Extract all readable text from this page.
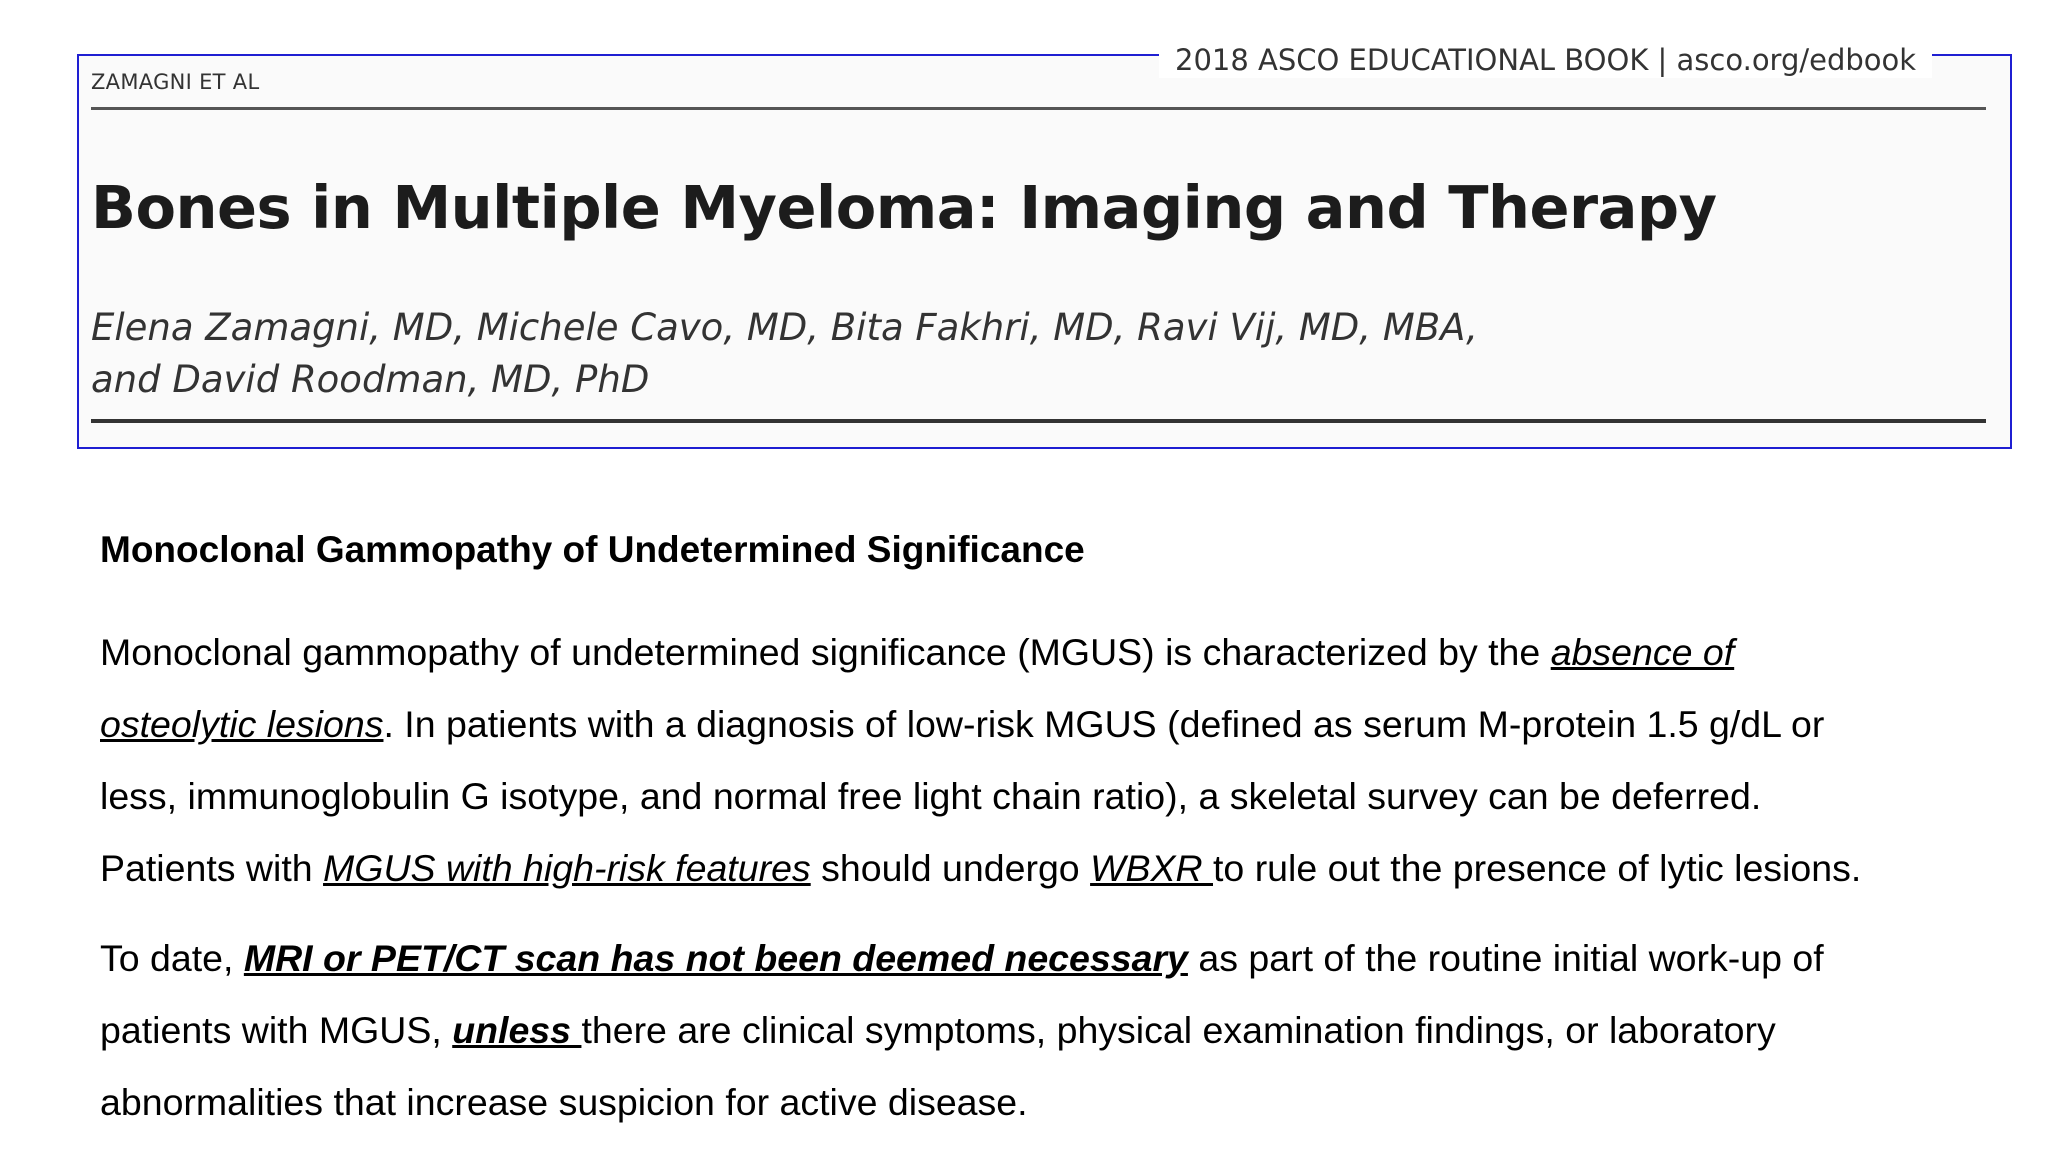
2018 ASCO EDUCATIONAL BOOK | asco.org/edbook
ZAMAGNI ET AL
Bones in Multiple Myeloma: Imaging and Therapy
Elena Zamagni, MD, Michele Cavo, MD, Bita Fakhri, MD, Ravi Vij, MD, MBA,
and David Roodman, MD, PhD
Monoclonal Gammopathy of Undetermined Significance

Monoclonal gammopathy of undetermined significance (MGUS) is characterized by the absence of
osteolytic lesions. In patients with a diagnosis of low-risk MGUS (defined as serum M-protein 1.5 g/dL or
less, immunoglobulin G isotype, and normal free light chain ratio), a skeletal survey can be deferred.
Patients with MGUS with high-risk features should undergo WBXR to rule out the presence of lytic lesions.

To date, MRI or PET/CT scan has not been deemed necessary as part of the routine initial work-up of
patients with MGUS, unless there are clinical symptoms, physical examination findings, or laboratory
abnormalities that increase suspicion for active disease.
